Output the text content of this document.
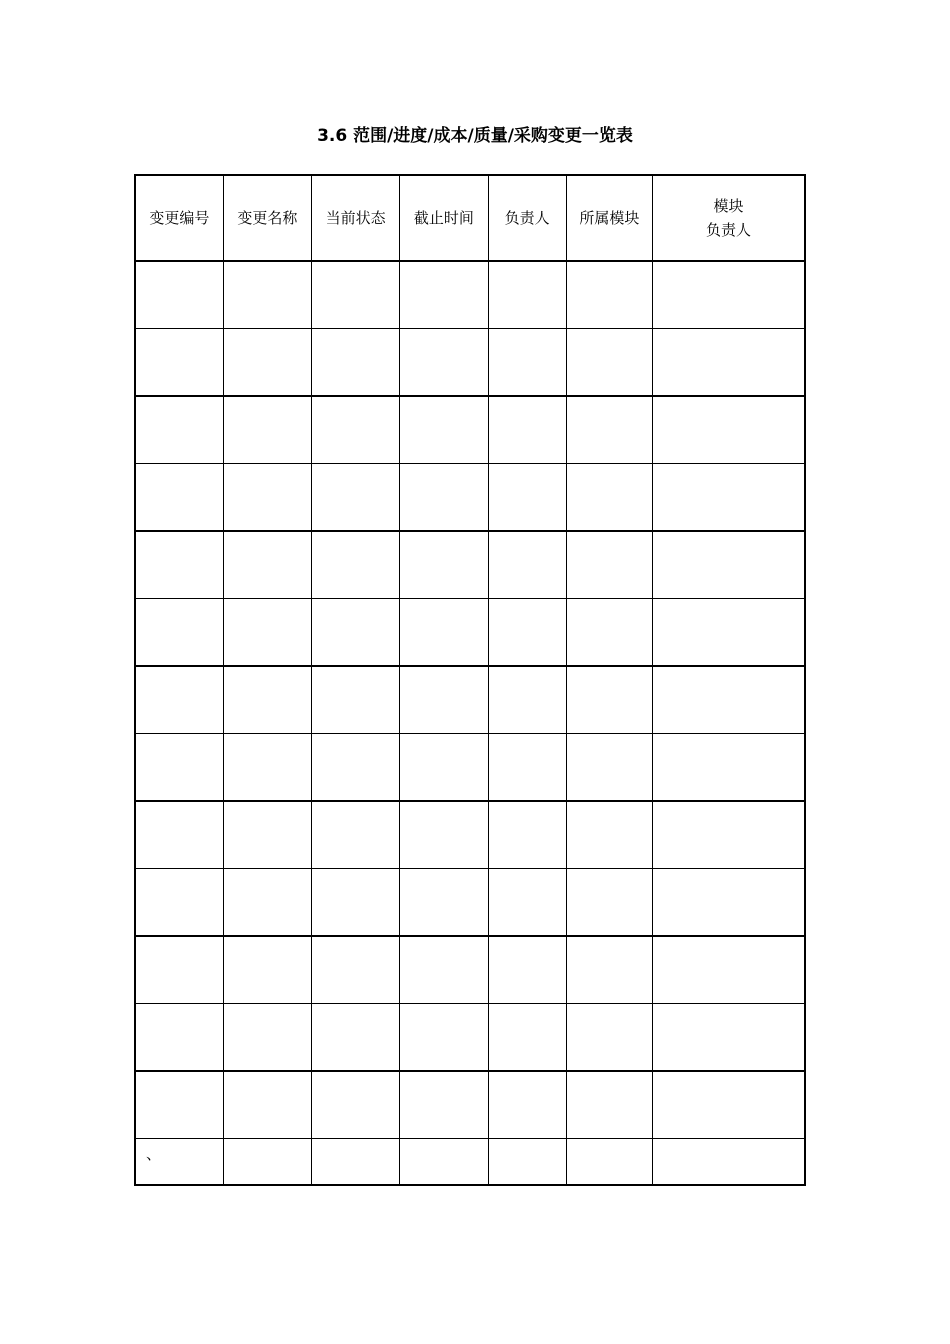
3.6 范围/进度/成本/质量/采购变更一览表
变更编号	变更名称	当前状态	截止时间	负责人	所属模块	模块
负责人

、						
